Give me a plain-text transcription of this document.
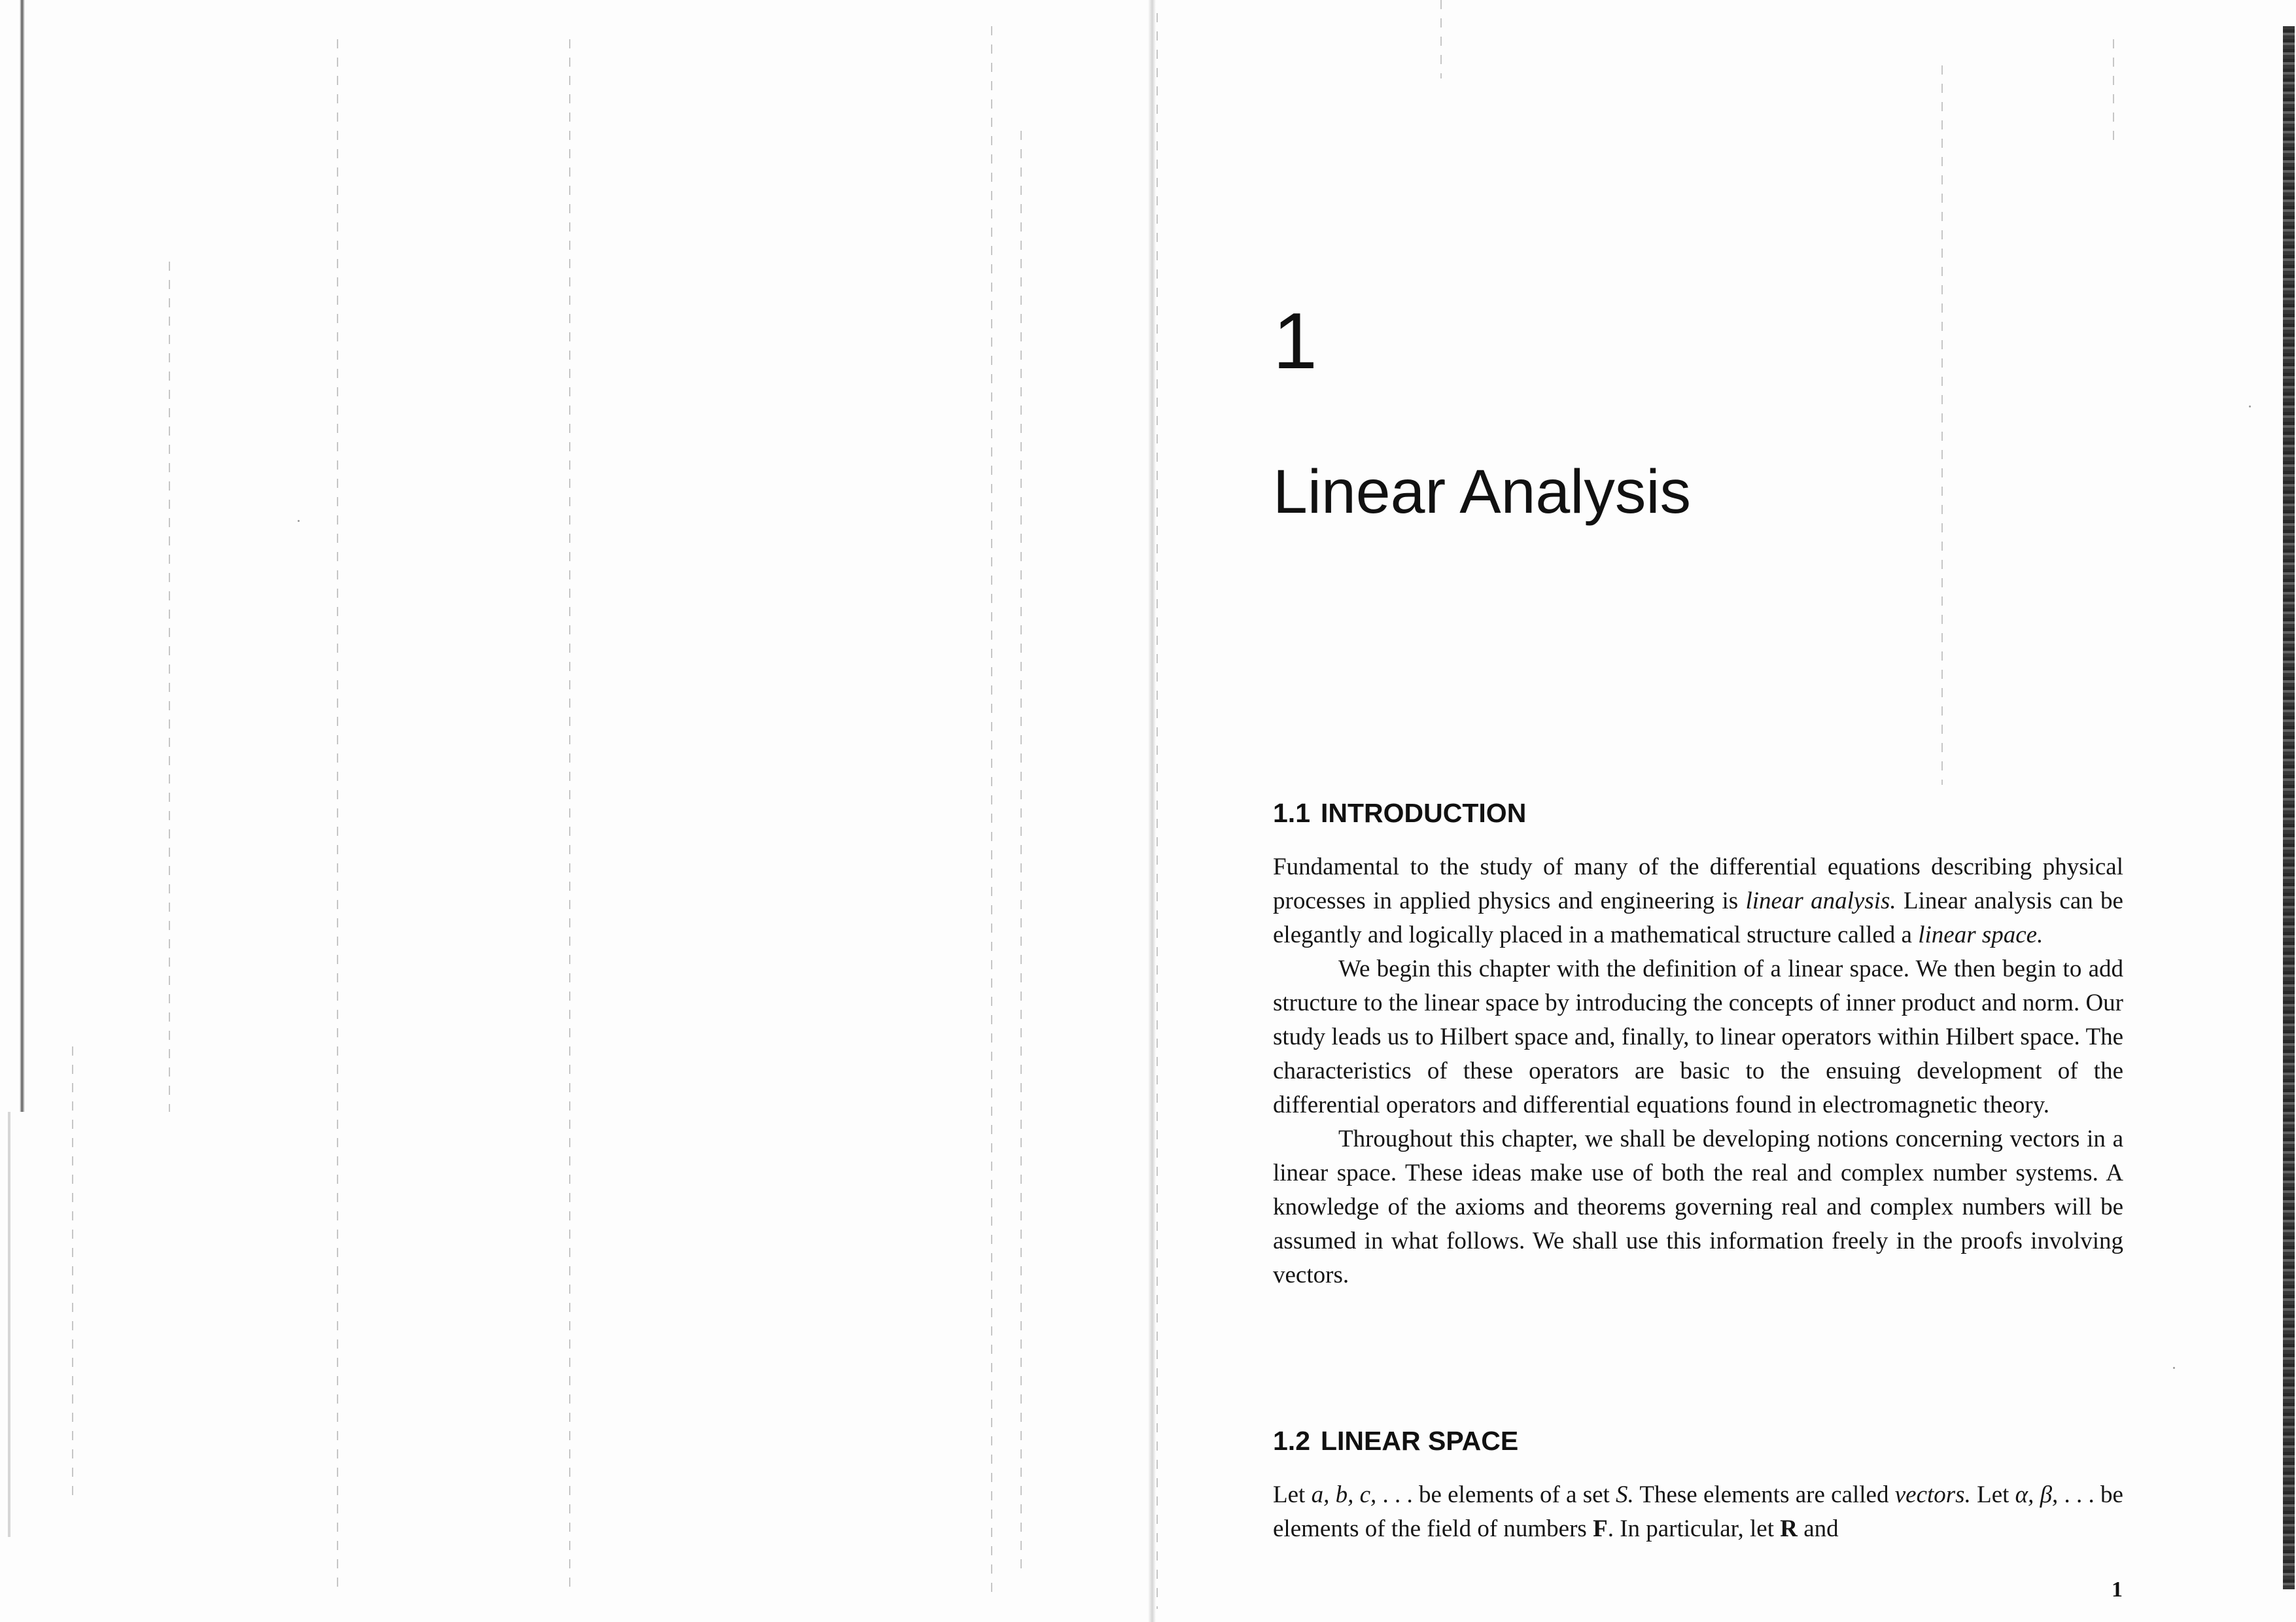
1
Linear Analysis
1.1 INTRODUCTION

Fundamental to the study of many of the differential equations describing physical processes in applied physics and engineering is linear analysis. Linear analysis can be elegantly and logically placed in a mathematical structure called a linear space.

We begin this chapter with the definition of a linear space. We then begin to add structure to the linear space by introducing the concepts of inner product and norm. Our study leads us to Hilbert space and, finally, to linear operators within Hilbert space. The characteristics of these operators are basic to the ensuing development of the differential operators and differential equations found in electromagnetic theory.

Throughout this chapter, we shall be developing notions concerning vectors in a linear space. These ideas make use of both the real and complex number systems. A knowledge of the axioms and theorems governing real and complex numbers will be assumed in what follows. We shall use this information freely in the proofs involving vectors.

1.2 LINEAR SPACE

Let a, b, c, . . . be elements of a set S. These elements are called vectors. Let α, β, . . . be elements of the field of numbers F. In particular, let R and

1
